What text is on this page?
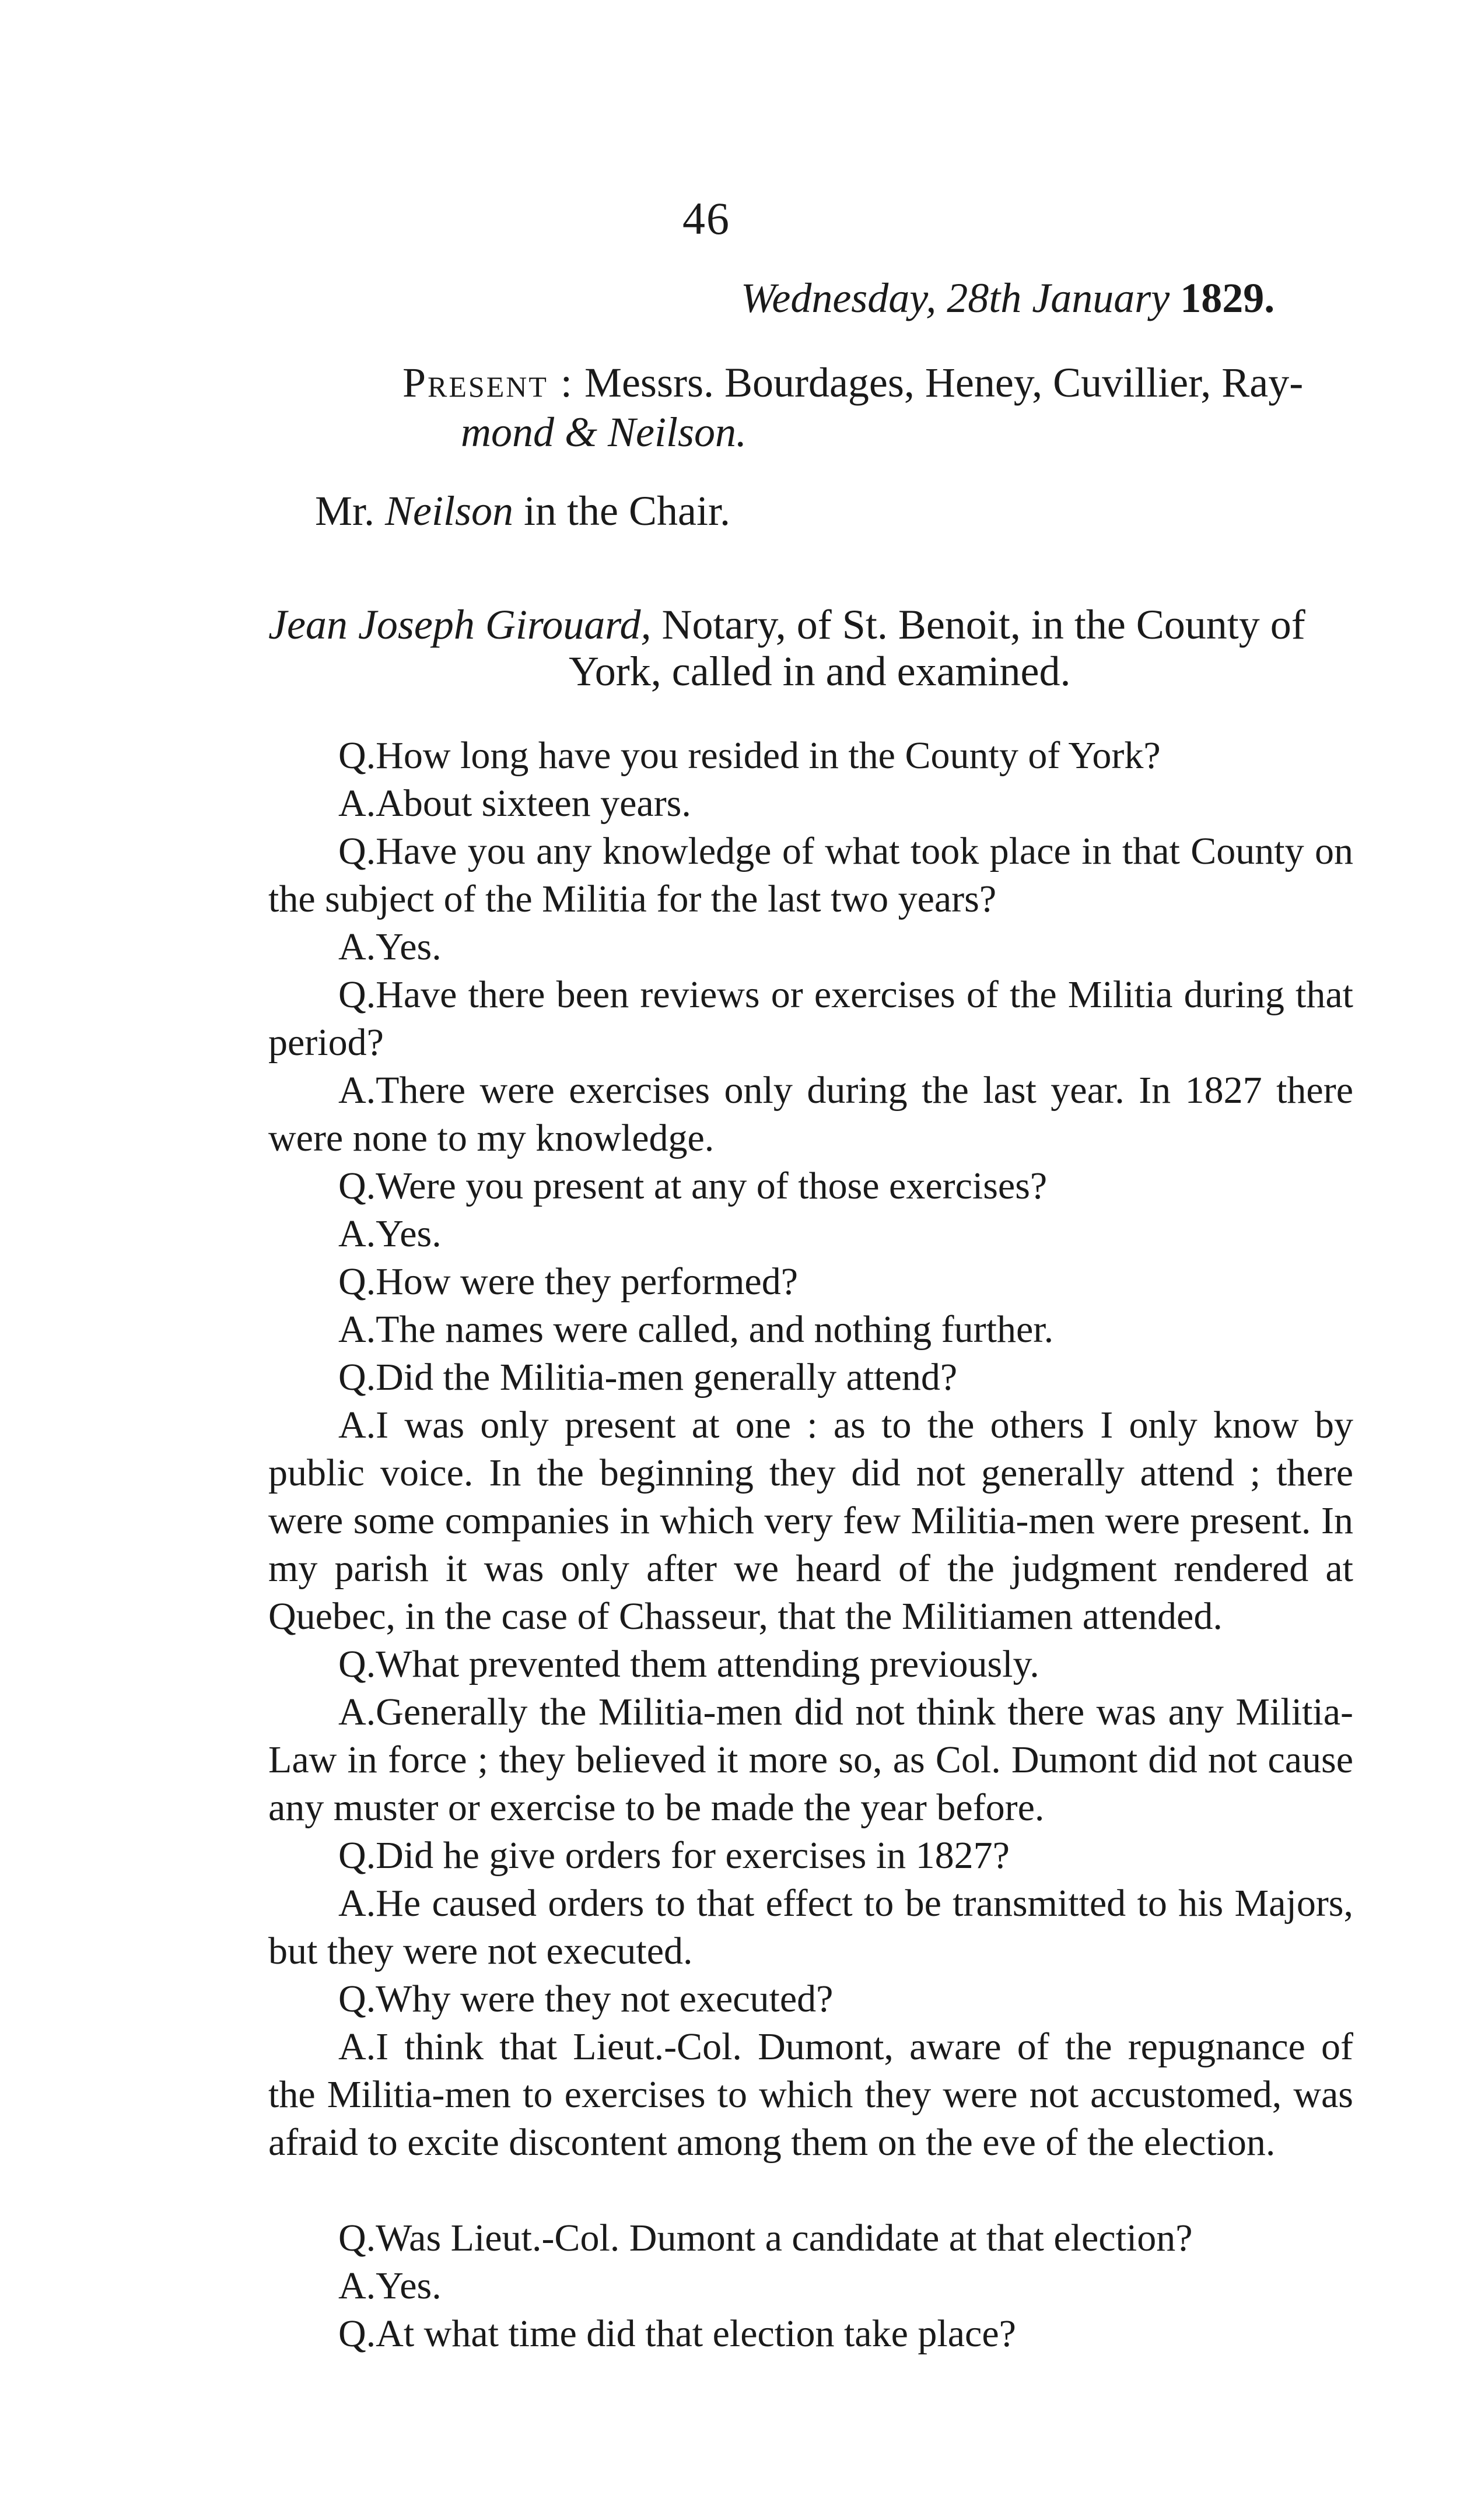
46
Wednesday, 28th January 1829.
Present : Messrs. Bourdages, Heney, Cuvillier, Ray-
mond & Neilson.
Mr. Neilson in the Chair.
Jean Joseph Girouard, Notary, of St. Benoit, in the County of
York, called in and examined.
Q.How long have you resided in the County of York?
A.About sixteen years.
Q.Have you any knowledge of what took place in that County on the subject of the Militia for the last two years?
A.Yes.
Q.Have there been reviews or exercises of the Militia during that period?
A.There were exercises only during the last year. In 1827 there were none to my knowledge.
Q.Were you present at any of those exercises?
A.Yes.
Q.How were they performed?
A.The names were called, and nothing further.
Q.Did the Militia-men generally attend?
A.I was only present at one : as to the others I only know by public voice. In the beginning they did not generally attend ; there were some companies in which very few Militia-men were present. In my parish it was only after we heard of the judgment rendered at Quebec, in the case of Chasseur, that the Militiamen attended.
Q.What prevented them attending previously.
A.Generally the Militia-men did not think there was any Militia-Law in force ; they believed it more so, as Col. Dumont did not cause any muster or exercise to be made the year before.
Q.Did he give orders for exercises in 1827?
A.He caused orders to that effect to be transmitted to his Majors, but they were not executed.
Q.Why were they not executed?
A.I think that Lieut.-Col. Dumont, aware of the repugnance of the Militia-men to exercises to which they were not accustomed, was afraid to excite discontent among them on the eve of the election.
Q.Was Lieut.-Col. Dumont a candidate at that election?
A.Yes.
Q.At what time did that election take place?
